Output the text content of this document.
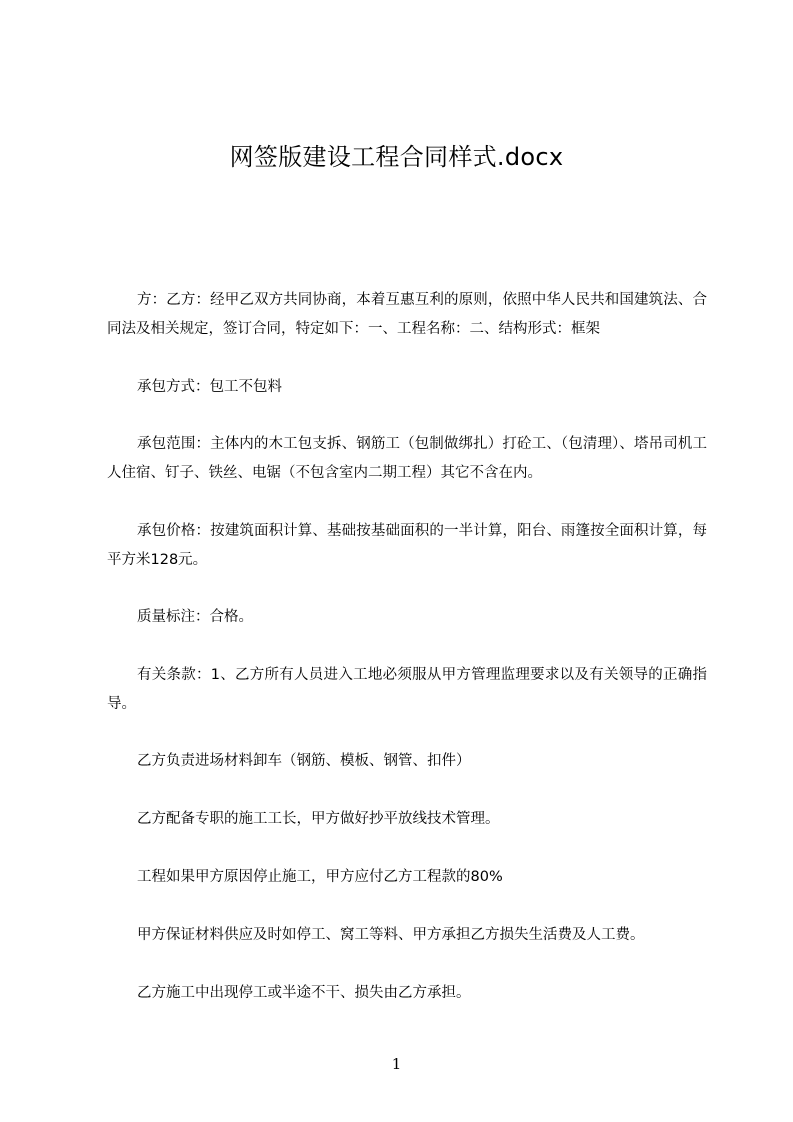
网签版建设工程合同样式.docx

方：乙方：经甲乙双方共同协商，本着互惠互利的原则，依照中华人民共和国建筑法、合同法及相关规定，签订合同，特定如下：一、工程名称：二、结构形式：框架

承包方式：包工不包料

承包范围：主体内的木工包支拆、钢筋工（包制做绑扎）打砼工、（包清理）、塔吊司机工人住宿、钉子、铁丝、电锯（不包含室内二期工程）其它不含在内。

承包价格：按建筑面积计算、基础按基础面积的一半计算，阳台、雨篷按全面积计算，每平方米128元。

质量标注：合格。

有关条款：1、乙方所有人员进入工地必须服从甲方管理监理要求以及有关领导的正确指导。

乙方负责进场材料卸车（钢筋、模板、钢管、扣件）

乙方配备专职的施工工长，甲方做好抄平放线技术管理。

工程如果甲方原因停止施工，甲方应付乙方工程款的80%

甲方保证材料供应及时如停工、窝工等料、甲方承担乙方损失生活费及人工费。

乙方施工中出现停工或半途不干、损失由乙方承担。

1
